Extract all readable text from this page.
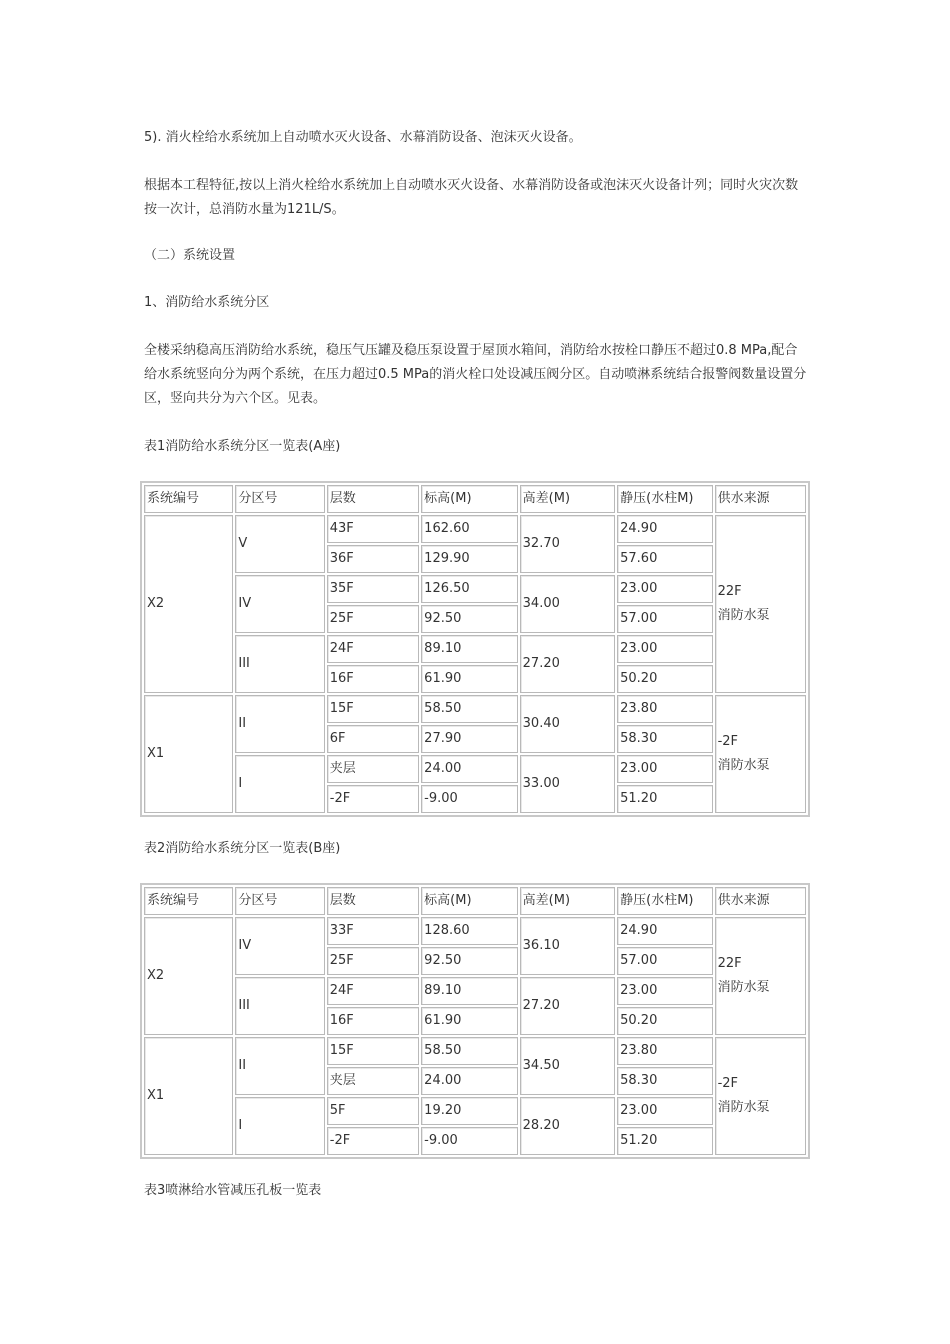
5). 消火栓给水系统加上自动喷水灭火设备、水幕消防设备、泡沫灭火设备。

根据本工程特征,按以上消火栓给水系统加上自动喷水灭火设备、水幕消防设备或泡沫灭火设备计列；同时火灾次数按一次计，总消防水量为121L/S。

（二）系统设置

1、消防给水系统分区

全楼采纳稳高压消防给水系统，稳压气压罐及稳压泵设置于屋顶水箱间，消防给水按栓口静压不超过0.8 MPa,配合给水系统竖向分为两个系统，在压力超过0.5 MPa的消火栓口处设减压阀分区。自动喷淋系统结合报警阀数量设置分区，竖向共分为六个区。见表。

表1消防给水系统分区一览表(A座)

系统编号	分区号	层数	标高(M)	高差(M)	静压(水柱M)	供水来源
X2	V	43F	162.60	32.70	24.90	22F
消防水泵
		36F	129.90		57.60	
	IV	35F	126.50	34.00	23.00	
		25F	92.50		57.00	
	III	24F	89.10	27.20	23.00	
		16F	61.90		50.20	
X1	II	15F	58.50	30.40	23.80	-2F
消防水泵
		6F	27.90		58.30	
	I	夹层	24.00	33.00	23.00	
		-2F	-9.00		51.20	

表2消防给水系统分区一览表(B座)

系统编号	分区号	层数	标高(M)	高差(M)	静压(水柱M)	供水来源
X2	IV	33F	128.60	36.10	24.90	22F
消防水泵
		25F	92.50		57.00	
	III	24F	89.10	27.20	23.00	
		16F	61.90		50.20	
X1	II	15F	58.50	34.50	23.80	-2F
消防水泵
		夹层	24.00		58.30	
	I	5F	19.20	28.20	23.00	
		-2F	-9.00		51.20	

表3喷淋给水管减压孔板一览表
